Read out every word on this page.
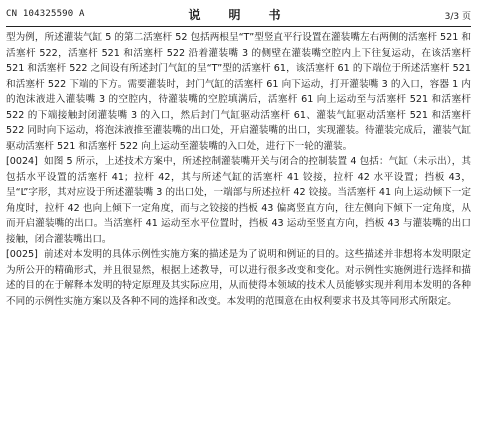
CN 104325590 A	说　明　书	3/3 页

型为例，所述灌装气缸 5 的第二活塞杆 52 包括两根呈“T”型竖直平行设置在灌装嘴左右两侧的活塞杆 521 和活塞杆 522，活塞杆 521 和活塞杆 522 沿着灌装嘴 3 的侧壁在灌装嘴空腔内上下往复运动，在该活塞杆 521 和活塞杆 522 之间设有所述封门气缸的呈“T”型的活塞杆 61，该活塞杆 61 的下端位于所述活塞杆 521 和活塞杆 522 下端的下方。需要灌装时，封门气缸的活塞杆 61 向下运动，打开灌装嘴 3 的入口，容器 1 内的泡沫液进入灌装嘴 3 的空腔内，待灌装嘴的空腔填满后，活塞杆 61 向上运动至与活塞杆 521 和活塞杆 522 的下端接触封闭灌装嘴 3 的入口，然后封门气缸驱动活塞杆 61、灌装气缸驱动活塞杆 521 和活塞杆 522 同时向下运动，将泡沫液推至灌装嘴的出口处，开启灌装嘴的出口，实现灌装。待灌装完成后，灌装气缸驱动活塞杆 521 和活塞杆 522 向上运动至灌装嘴的入口处，进行下一轮的灌装。

[0024] 如图 5 所示，上述技术方案中，所述控制灌装嘴开关与闭合的控制装置 4 包括：气缸（未示出），其包括水平设置的活塞杆 41；拉杆 42，其与所述气缸的活塞杆 41 铰接，拉杆 42 水平设置；挡板 43，呈“L”字形，其对应设于所述灌装嘴 3 的出口处，一端部与所述拉杆 42 铰接。当活塞杆 41 向上运动倾下一定角度时，拉杆 42 也向上倾下一定角度，而与之铰接的挡板 43 偏离竖直方向，往左侧向下倾下一定角度，从而开启灌装嘴的出口。当活塞杆 41 运动至水平位置时，挡板 43 运动至竖直方向，挡板 43 与灌装嘴的出口接触，闭合灌装嘴出口。

[0025] 前述对本发明的具体示例性实施方案的描述是为了说明和例证的目的。这些描述并非想将本发明限定为所公开的精确形式，并且很显然，根据上述教导，可以进行很多改变和变化。对示例性实施例进行选择和描述的目的在于解释本发明的特定原理及其实际应用，从而使得本领域的技术人员能够实现并利用本发明的各种不同的示例性实施方案以及各种不同的选择和改变。本发明的范围意在由权利要求书及其等同形式所限定。
